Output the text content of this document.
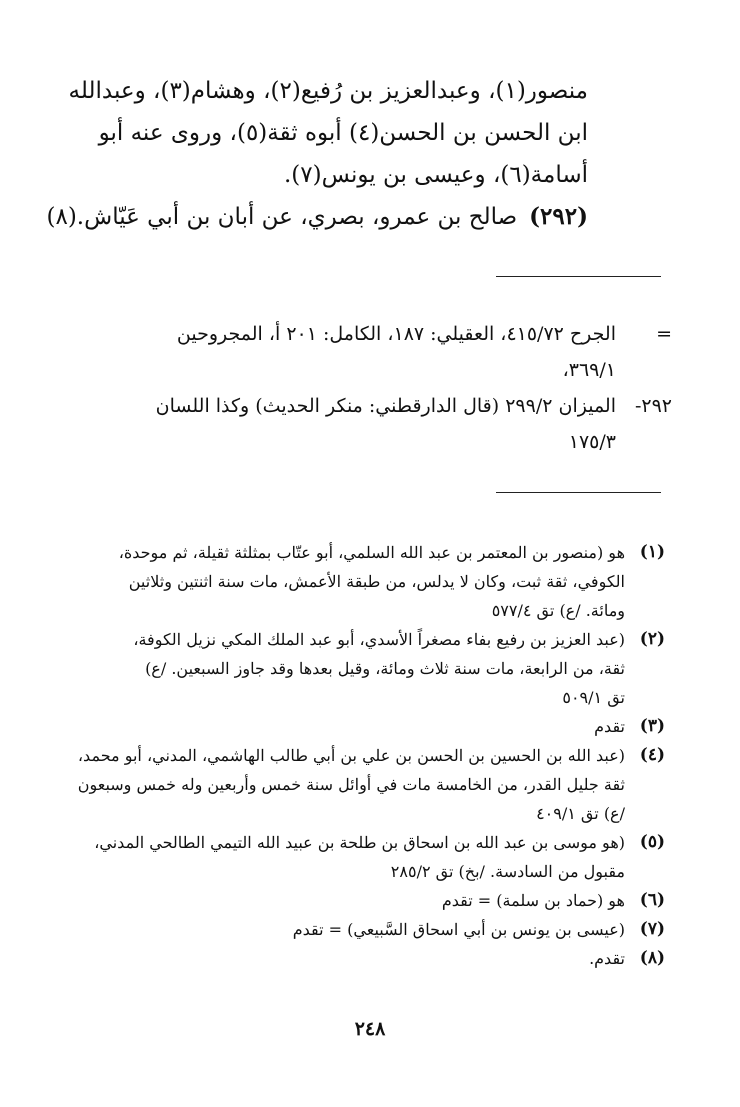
منصور(١)، وعبدالعزيز بن رُفيع(٢)، وهشام(٣)، وعبدالله
ابن الحسن بن الحسن(٤) أبوه ثقة(٥)، وروى عنه أبو
أسامة(٦)، وعيسى بن يونس(٧).
(٢٩٢)
صالح بن عمرو، بصري، عن أبان بن أبي عَيّاش.(٨)
=
الجرح ٤١٥/٧٢، العقيلي: ١٨٧، الكامل: ٢٠١ أ، المجروحين
٣٦٩/١،
٢٩٢-
الميزان ٢٩٩/٢ (قال الدارقطني: منكر الحديث) وكذا اللسان
١٧٥/٣
(١)
هو (منصور بن المعتمر بن عبد الله السلمي، أبو عتّاب بمثلثة ثقيلة، ثم موحدة،
الكوفي، ثقة ثبت، وكان لا يدلس، من طبقة الأعمش، مات سنة اثنتين وثلاثين
ومائة. /ع) تق ٥٧٧/٤
(٢)
(عبد العزيز بن رفيع بفاء مصغراً الأسدي، أبو عبد الملك المكي نزيل الكوفة،
ثقة، من الرابعة، مات سنة ثلاث ومائة، وقيل بعدها وقد جاوز السبعين. /ع)
تق ٥٠٩/١
(٣)
تقدم
(٤)
(عبد الله بن الحسين بن الحسن بن علي بن أبي طالب الهاشمي، المدني، أبو محمد،
ثقة جليل القدر، من الخامسة مات في أوائل سنة خمس وأربعين وله خمس وسبعون
/ع) تق ٤٠٩/١
(٥)
(هو موسى بن عبد الله بن اسحاق بن طلحة بن عبيد الله التيمي الطالحي المدني،
مقبول من السادسة. /بخ) تق ٢٨٥/٢
(٦)
هو (حماد بن سلمة) = تقدم
(٧)
(عيسى بن يونس بن أبي اسحاق السَّبيعي) = تقدم
(٨)
تقدم.
٢٤٨
